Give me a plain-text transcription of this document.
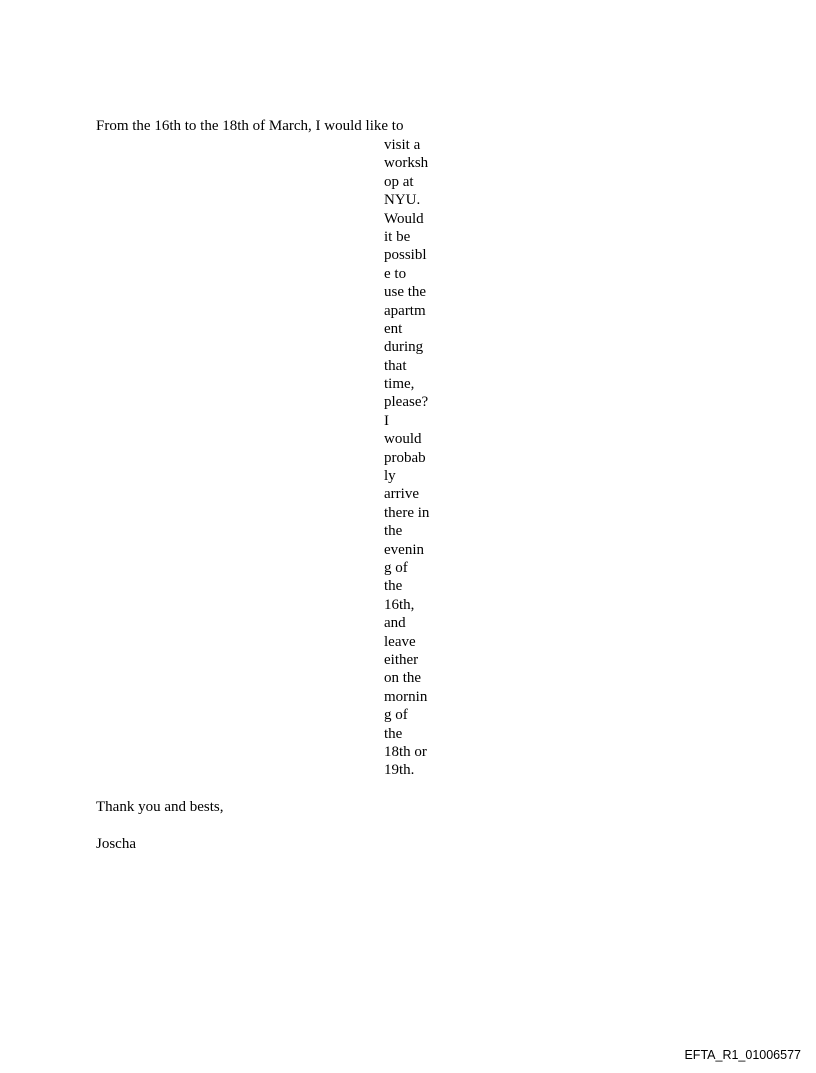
From the 16th to the 18th of March, I would like to

visit a
worksh
op at
NYU.
Would
it be
possibl
e to
use the
apartm
ent
during
that
time,
please?
I
would
probab
ly
arrive
there in
the
evenin
g of
the
16th,
and
leave
either
on the
mornin
g of
the
18th or
19th.

Thank you and bests,

Joscha

EFTA_R1_01006577
